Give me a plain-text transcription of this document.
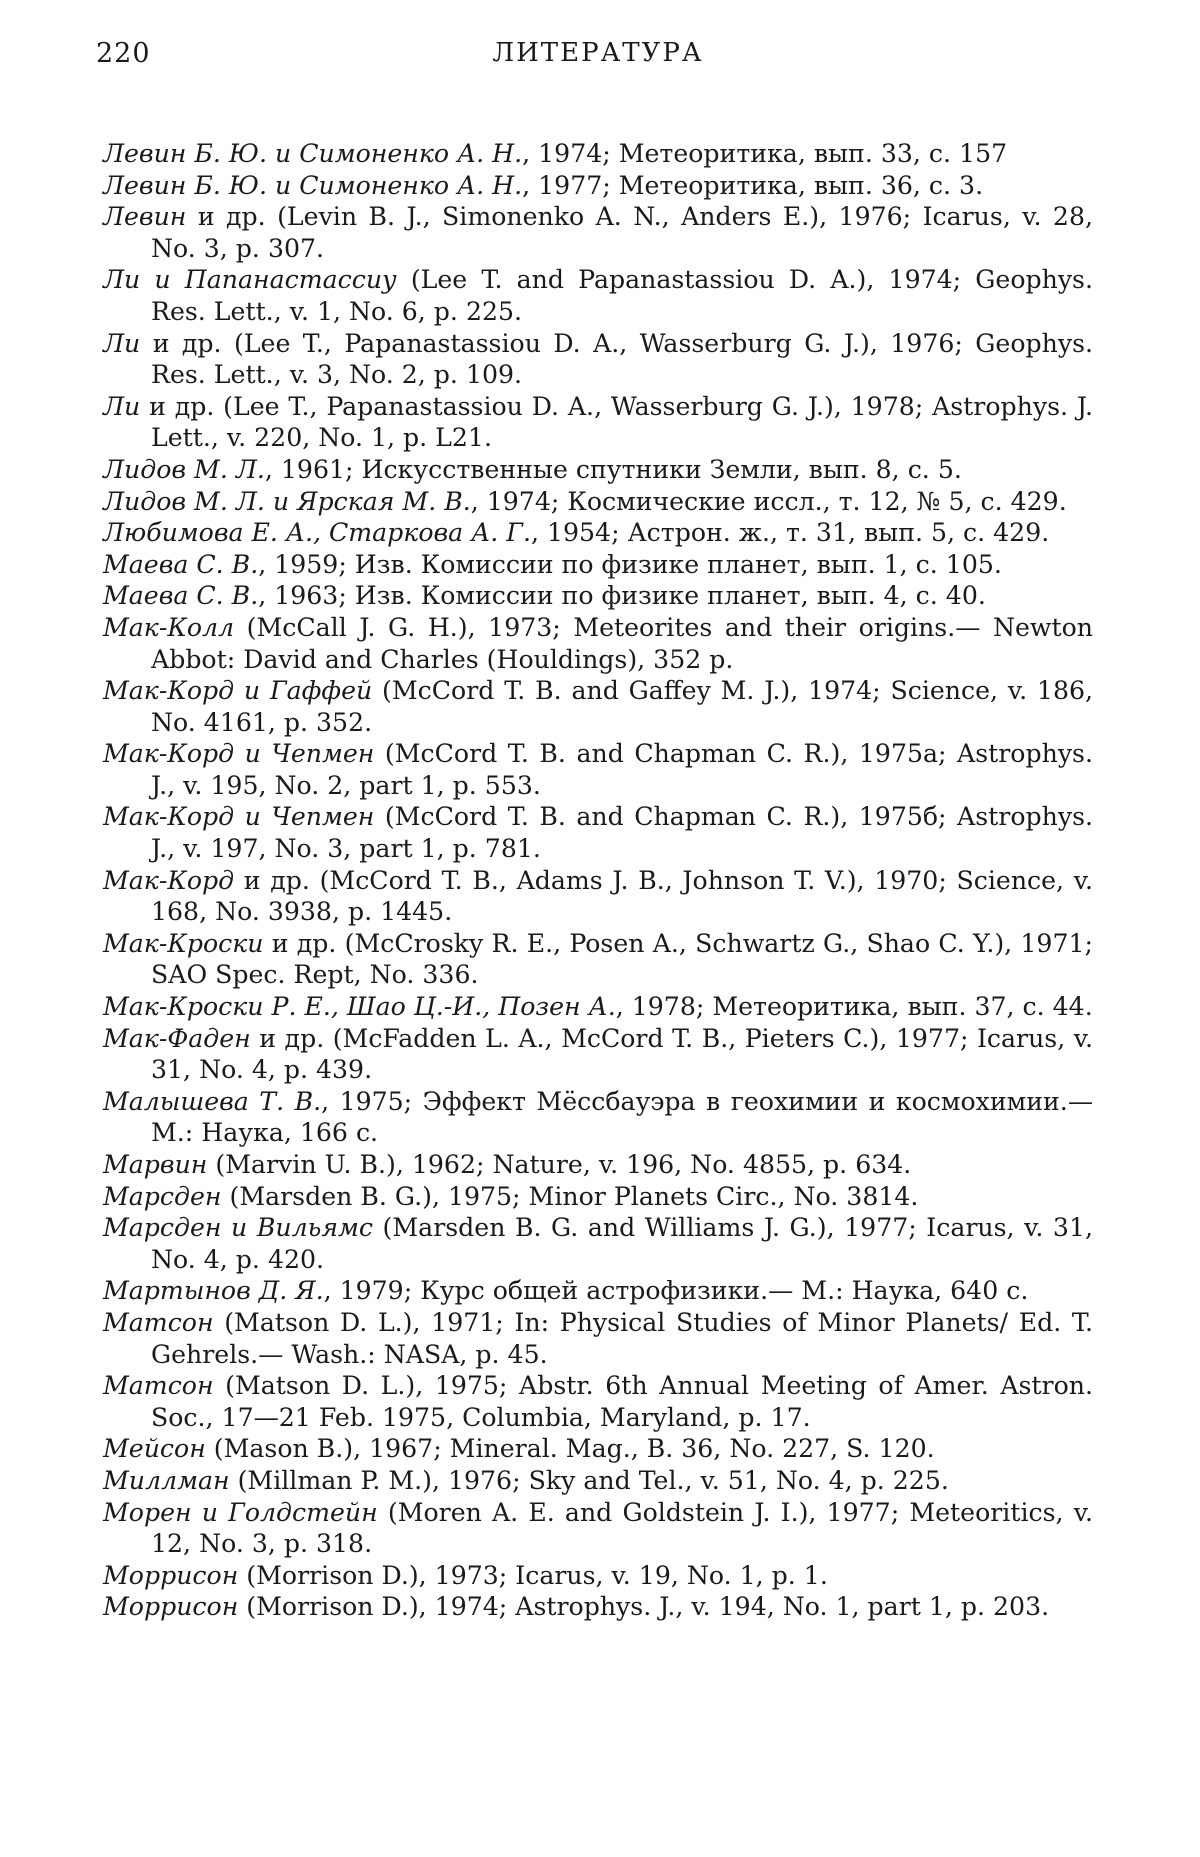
220	ЛИТЕРАТУРА
Левин Б. Ю. и Симоненко А. Н., 1974; Метеоритика, вып. 33, с. 157
Левин Б. Ю. и Симоненко А. Н., 1977; Метеоритика, вып. 36, с. 3.
Левин и др. (Levin B. J., Simonenko A. N., Anders E.), 1976; Icarus, v. 28, No. 3, p. 307.
Ли и Папанастассиу (Lee T. and Papanastassiou D. A.), 1974; Geophys. Res. Lett., v. 1, No. 6, p. 225.
Ли и др. (Lee T., Papanastassiou D. A., Wasserburg G. J.), 1976; Geophys. Res. Lett., v. 3, No. 2, p. 109.
Ли и др. (Lee T., Papanastassiou D. A., Wasserburg G. J.), 1978; Astrophys. J. Lett., v. 220, No. 1, p. L21.
Лидов М. Л., 1961; Искусственные спутники Земли, вып. 8, с. 5.
Лидов М. Л. и Ярская М. В., 1974; Космические иссл., т. 12, № 5, с. 429.
Любимова Е. А., Старкова А. Г., 1954; Астрон. ж., т. 31, вып. 5, с. 429.
Маева С. В., 1959; Изв. Комиссии по физике планет, вып. 1, с. 105.
Маева С. В., 1963; Изв. Комиссии по физике планет, вып. 4, с. 40.
Мак-Колл (McCall J. G. H.), 1973; Meteorites and their origins.— Newton Abbot: David and Charles (Houldings), 352 p.
Мак-Корд и Гаффей (McCord T. B. and Gaffey M. J.), 1974; Science, v. 186, No. 4161, p. 352.
Мак-Корд и Чепмен (McCord T. B. and Chapman C. R.), 1975а; Astrophys. J., v. 195, No. 2, part 1, p. 553.
Мак-Корд и Чепмен (McCord T. B. and Chapman C. R.), 1975б; Astrophys. J., v. 197, No. 3, part 1, p. 781.
Мак-Корд и др. (McCord T. B., Adams J. B., Johnson T. V.), 1970; Science, v. 168, No. 3938, p. 1445.
Мак-Кроски и др. (McCrosky R. E., Posen A., Schwartz G., Shao C. Y.), 1971; SAO Spec. Rept, No. 336.
Мак-Кроски Р. Е., Шао Ц.-И., Позен А., 1978; Метеоритика, вып. 37, с. 44.
Мак-Фаден и др. (McFadden L. A., McCord T. B., Pieters C.), 1977; Icarus, v. 31, No. 4, p. 439.
Малышева Т. В., 1975; Эффект Мёссбауэра в геохимии и космохимии.— М.: Наука, 166 с.
Марвин (Marvin U. B.), 1962; Nature, v. 196, No. 4855, p. 634.
Марсден (Marsden B. G.), 1975; Minor Planets Circ., No. 3814.
Марсден и Вильямс (Marsden B. G. and Williams J. G.), 1977; Icarus, v. 31, No. 4, p. 420.
Мартынов Д. Я., 1979; Курс общей астрофизики.— М.: Наука, 640 с.
Матсон (Matson D. L.), 1971; In: Physical Studies of Minor Planets/ Ed. T. Gehrels.— Wash.: NASA, p. 45.
Матсон (Matson D. L.), 1975; Abstr. 6th Annual Meeting of Amer. Astron. Soc., 17—21 Feb. 1975, Columbia, Maryland, p. 17.
Мейсон (Mason B.), 1967; Mineral. Mag., B. 36, No. 227, S. 120.
Миллман (Millman P. M.), 1976; Sky and Tel., v. 51, No. 4, p. 225.
Морен и Голдстейн (Moren A. E. and Goldstein J. I.), 1977; Meteoritics, v. 12, No. 3, p. 318.
Моррисон (Morrison D.), 1973; Icarus, v. 19, No. 1, p. 1.
Моррисон (Morrison D.), 1974; Astrophys. J., v. 194, No. 1, part 1, p. 203.
